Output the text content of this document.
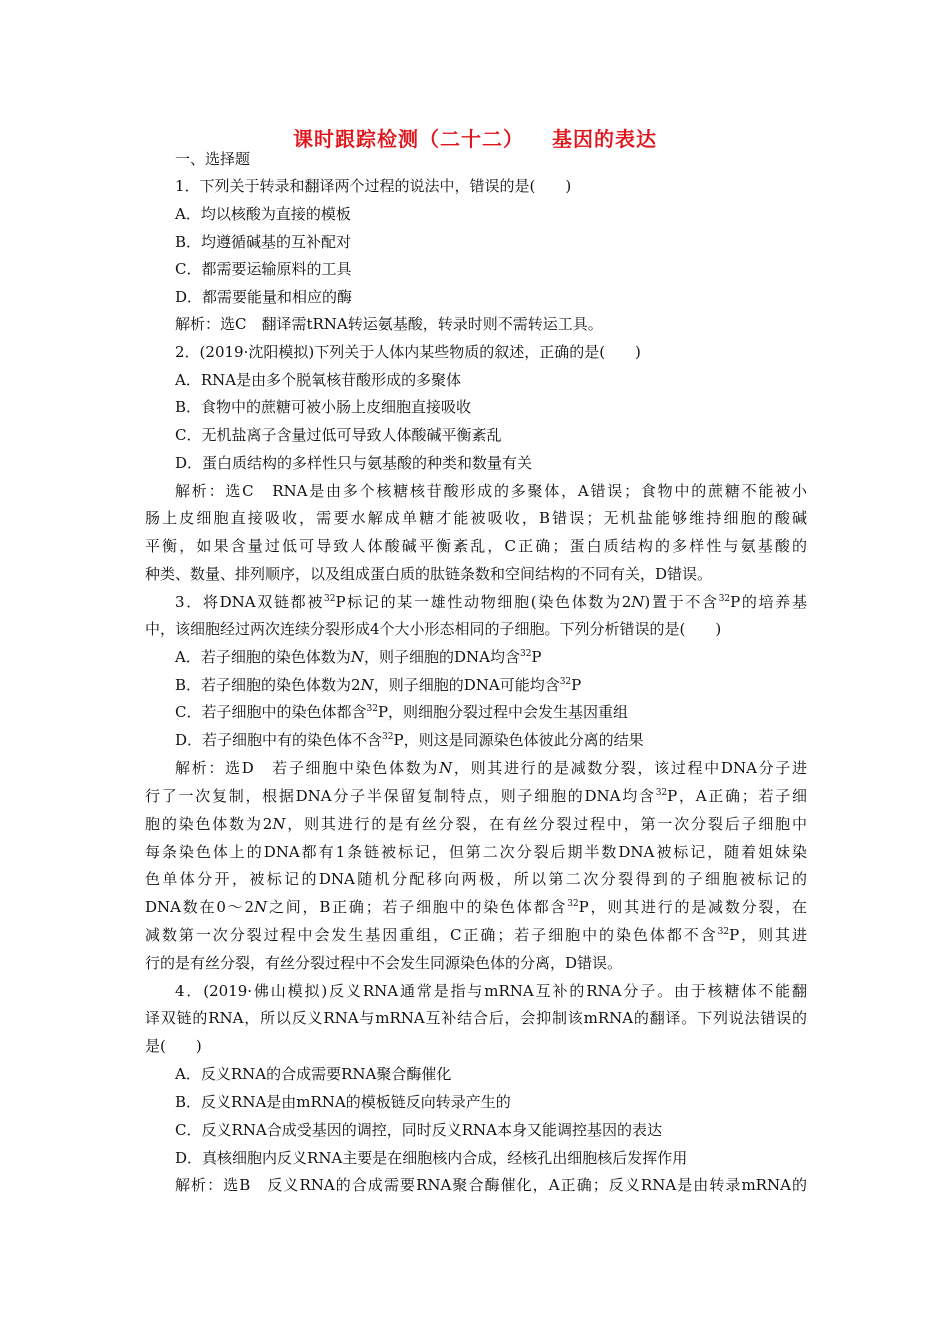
课时跟踪检测（二十二） 基因的表达
一、选择题
1．下列关于转录和翻译两个过程的说法中，错误的是(　　)
A．均以核酸为直接的模板
B．均遵循碱基的互补配对
C．都需要运输原料的工具
D．都需要能量和相应的酶
解析：选C　翻译需tRNA转运氨基酸，转录时则不需转运工具。
2．(2019·沈阳模拟)下列关于人体内某些物质的叙述，正确的是(　　)
A．RNA是由多个脱氧核苷酸形成的多聚体
B．食物中的蔗糖可被小肠上皮细胞直接吸收
C．无机盐离子含量过低可导致人体酸碱平衡紊乱
D．蛋白质结构的多样性只与氨基酸的种类和数量有关
解析：选C　RNA是由多个核糖核苷酸形成的多聚体，A错误；食物中的蔗糖不能被小
肠上皮细胞直接吸收，需要水解成单糖才能被吸收，B错误；无机盐能够维持细胞的酸碱
平衡，如果含量过低可导致人体酸碱平衡紊乱，C正确；蛋白质结构的多样性与氨基酸的
种类、数量、排列顺序，以及组成蛋白质的肽链条数和空间结构的不同有关，D错误。
3．将DNA双链都被$^{32}$P标记的某一雄性动物细胞(染色体数为2N)置于不含$^{32}$P的培养基
中，该细胞经过两次连续分裂形成4个大小形态相同的子细胞。下列分析错误的是(　　)
A．若子细胞的染色体数为N，则子细胞的DNA均含$^{32}$P
B．若子细胞的染色体数为2N，则子细胞的DNA可能均含$^{32}$P
C．若子细胞中的染色体都含$^{32}$P，则细胞分裂过程中会发生基因重组
D．若子细胞中有的染色体不含$^{32}$P，则这是同源染色体彼此分离的结果
解析：选D　若子细胞中染色体数为N，则其进行的是减数分裂，该过程中DNA分子进
行了一次复制，根据DNA分子半保留复制特点，则子细胞的DNA均含$^{32}$P，A正确；若子细
胞的染色体数为2N，则其进行的是有丝分裂，在有丝分裂过程中，第一次分裂后子细胞中
每条染色体上的DNA都有1条链被标记，但第二次分裂后期半数DNA被标记，随着姐妹染
色单体分开，被标记的DNA随机分配移向两极，所以第二次分裂得到的子细胞被标记的
DNA数在0～2N之间，B正确；若子细胞中的染色体都含$^{32}$P，则其进行的是减数分裂，在
减数第一次分裂过程中会发生基因重组，C正确；若子细胞中的染色体都不含$^{32}$P，则其进
行的是有丝分裂，有丝分裂过程中不会发生同源染色体的分离，D错误。
4．(2019·佛山模拟)反义RNA通常是指与mRNA互补的RNA分子。由于核糖体不能翻
译双链的RNA，所以反义RNA与mRNA互补结合后，会抑制该mRNA的翻译。下列说法错误的
是(　　)
A．反义RNA的合成需要RNA聚合酶催化
B．反义RNA是由mRNA的模板链反向转录产生的
C．反义RNA合成受基因的调控，同时反义RNA本身又能调控基因的表达
D．真核细胞内反义RNA主要是在细胞核内合成，经核孔出细胞核后发挥作用
解析：选B　反义RNA的合成需要RNA聚合酶催化，A正确；反义RNA是由转录mRNA的
